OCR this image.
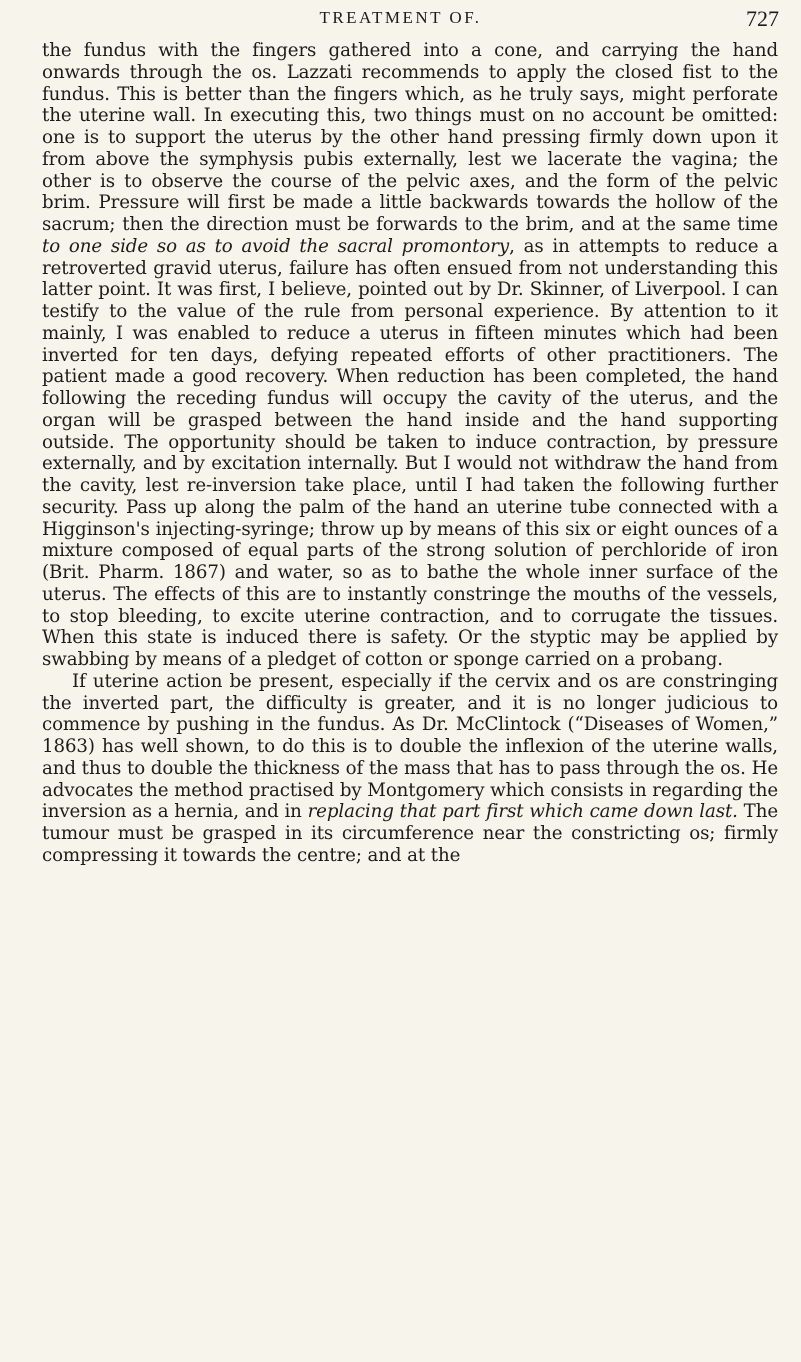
TREATMENT OF.	727

the fundus with the fingers gathered into a cone, and carrying the hand onwards through the os. Lazzati recommends to apply the closed fist to the fundus. This is better than the fingers which, as he truly says, might perforate the uterine wall. In executing this, two things must on no account be omitted: one is to support the uterus by the other hand pressing firmly down upon it from above the symphysis pubis externally, lest we lacerate the vagina; the other is to observe the course of the pelvic axes, and the form of the pelvic brim. Pressure will first be made a little backwards towards the hollow of the sacrum; then the direction must be forwards to the brim, and at the same time to one side so as to avoid the sacral promontory, as in attempts to reduce a retroverted gravid uterus, failure has often ensued from not understanding this latter point. It was first, I believe, pointed out by Dr. Skinner, of Liverpool. I can testify to the value of the rule from personal experience. By attention to it mainly, I was enabled to reduce a uterus in fifteen minutes which had been inverted for ten days, defying repeated efforts of other practitioners. The patient made a good recovery. When reduction has been completed, the hand following the receding fundus will occupy the cavity of the uterus, and the organ will be grasped between the hand inside and the hand supporting outside. The opportunity should be taken to induce contraction, by pressure externally, and by excitation internally. But I would not withdraw the hand from the cavity, lest re-inversion take place, until I had taken the following further security. Pass up along the palm of the hand an uterine tube connected with a Higginson's injecting-syringe; throw up by means of this six or eight ounces of a mixture composed of equal parts of the strong solution of perchloride of iron (Brit. Pharm. 1867) and water, so as to bathe the whole inner surface of the uterus. The effects of this are to instantly constringe the mouths of the vessels, to stop bleeding, to excite uterine contraction, and to corrugate the tissues. When this state is induced there is safety. Or the styptic may be applied by swabbing by means of a pledget of cotton or sponge carried on a probang.

If uterine action be present, especially if the cervix and os are constringing the inverted part, the difficulty is greater, and it is no longer judicious to commence by pushing in the fundus. As Dr. McClintock (“Diseases of Women,” 1863) has well shown, to do this is to double the inflexion of the uterine walls, and thus to double the thickness of the mass that has to pass through the os. He advocates the method practised by Montgomery which consists in regarding the inversion as a hernia, and in replacing that part first which came down last. The tumour must be grasped in its circumference near the constricting os; firmly compressing it towards the centre; and at the
